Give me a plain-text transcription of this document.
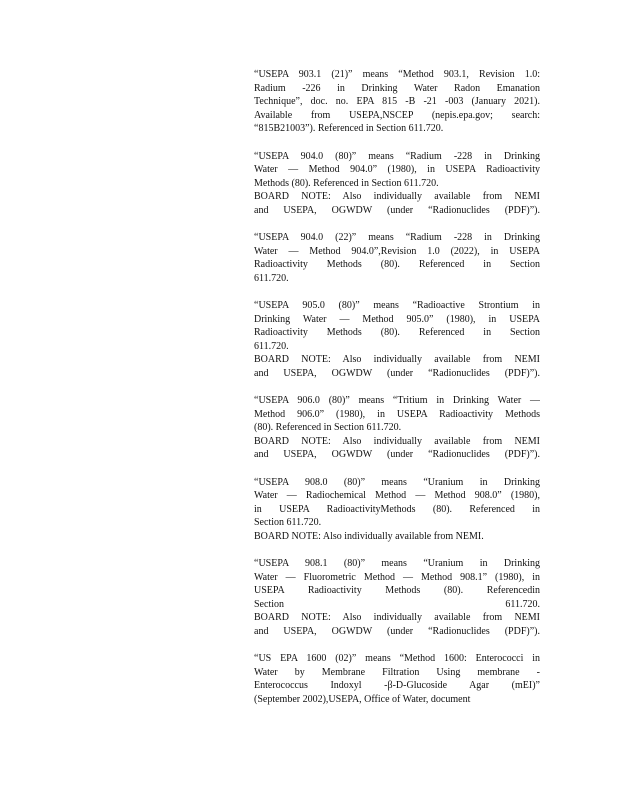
“USEPA 903.1 (21)” means “Method 903.1, Revision 1.0:
Radium -226 in Drinking Water Radon Emanation
Technique”, doc. no. EPA 815 -B -21 -003 (January 2021).
Available from USEPA,NSCEP (nepis.epa.gov; search:
“815B21003”). Referenced in Section 611.720.
“USEPA 904.0 (80)” means “Radium -228 in Drinking
Water — Method 904.0” (1980), in USEPA Radioactivity
Methods (80). Referenced in Section 611.720.
BOARD NOTE: Also individually available from NEMI
and USEPA, OGWDW (under “Radionuclides (PDF)”).
“USEPA 904.0 (22)” means “Radium -228 in Drinking
Water — Method 904.0”,Revision 1.0 (2022), in USEPA
Radioactivity Methods (80). Referenced in Section
611.720.
“USEPA 905.0 (80)” means “Radioactive Strontium in
Drinking Water — Method 905.0” (1980), in USEPA
Radioactivity Methods (80). Referenced in Section
611.720.
BOARD NOTE: Also individually available from NEMI
and USEPA, OGWDW (under “Radionuclides (PDF)”).
“USEPA 906.0 (80)” means “Tritium in Drinking Water —
Method 906.0” (1980), in USEPA Radioactivity Methods
(80). Referenced in Section 611.720.
BOARD NOTE: Also individually available from NEMI
and USEPA, OGWDW (under “Radionuclides (PDF)”).
“USEPA 908.0 (80)” means “Uranium in Drinking
Water — Radiochemical Method — Method 908.0” (1980),
in USEPA RadioactivityMethods (80). Referenced in
Section 611.720.
BOARD NOTE: Also individually available from NEMI.
“USEPA 908.1 (80)” means “Uranium in Drinking
Water — Fluorometric Method — Method 908.1” (1980), in
USEPA Radioactivity Methods (80). Referencedin
Section 611.720.
BOARD NOTE: Also individually available from NEMI
and USEPA, OGWDW (under “Radionuclides (PDF)”).
“US EPA 1600 (02)” means “Method 1600: Enterococci in
Water by Membrane Filtration Using membrane -
Enterococcus Indoxyl -β-D-Glucoside Agar (mEI)”
(September 2002),USEPA, Office of Water, document
